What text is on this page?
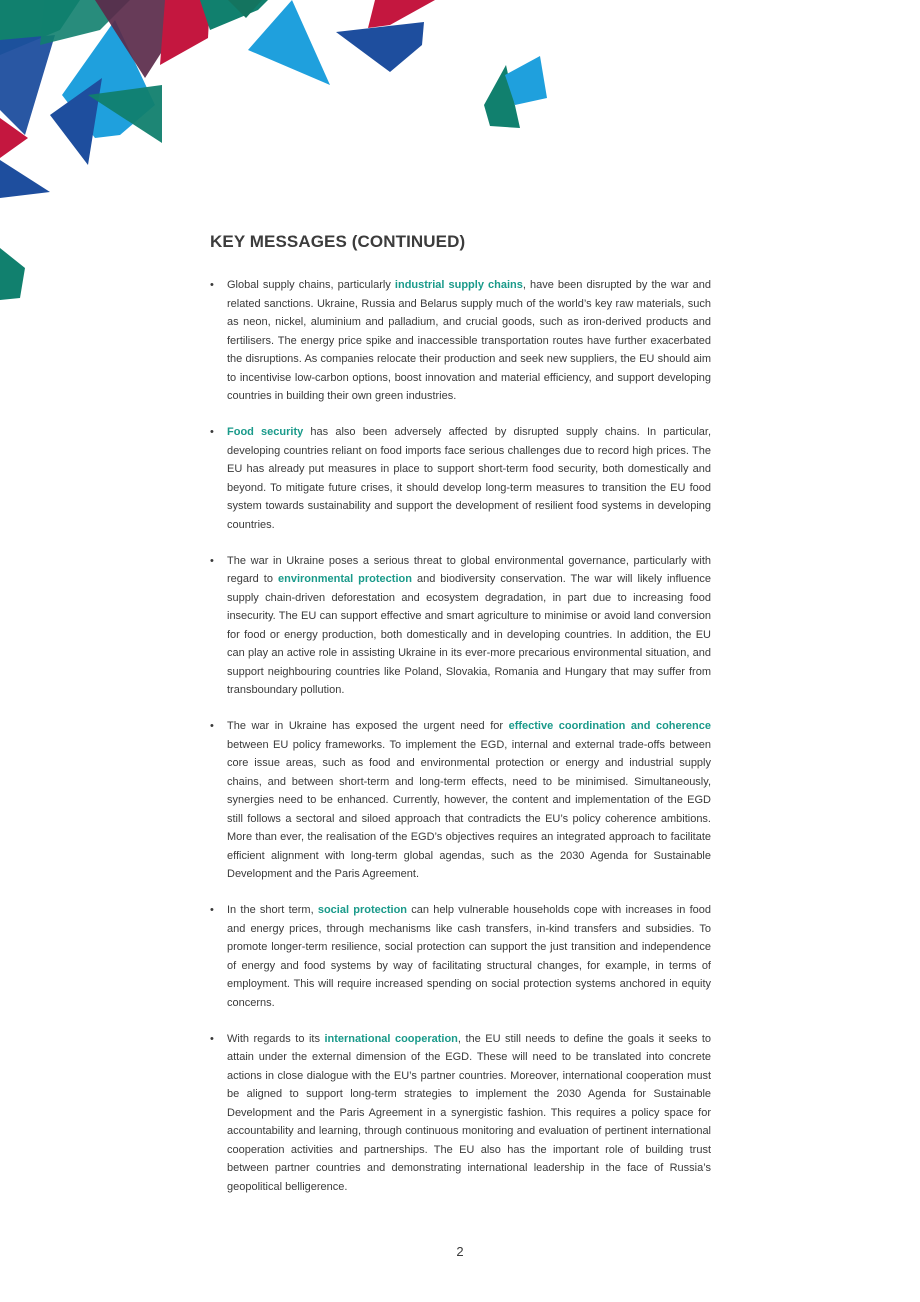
KEY MESSAGES (CONTINUED)
• Global supply chains, particularly industrial supply chains, have been disrupted by the war and related sanctions. Ukraine, Russia and Belarus supply much of the world’s key raw materials, such as neon, nickel, aluminium and palladium, and crucial goods, such as iron-derived products and fertilisers. The energy price spike and inaccessible transportation routes have further exacerbated the disruptions. As companies relocate their production and seek new suppliers, the EU should aim to incentivise low-carbon options, boost innovation and material efficiency, and support developing countries in building their own green industries.
• Food security has also been adversely affected by disrupted supply chains. In particular, developing countries reliant on food imports face serious challenges due to record high prices. The EU has already put measures in place to support short-term food security, both domestically and beyond. To mitigate future crises, it should develop long-term measures to transition the EU food system towards sustainability and support the development of resilient food systems in developing countries.
• The war in Ukraine poses a serious threat to global environmental governance, particularly with regard to environmental protection and biodiversity conservation. The war will likely influence supply chain-driven deforestation and ecosystem degradation, in part due to increasing food insecurity. The EU can support effective and smart agriculture to minimise or avoid land conversion for food or energy production, both domestically and in developing countries. In addition, the EU can play an active role in assisting Ukraine in its ever-more precarious environmental situation, and support neighbouring countries like Poland, Slovakia, Romania and Hungary that may suffer from transboundary pollution.
• The war in Ukraine has exposed the urgent need for effective coordination and coherence between EU policy frameworks. To implement the EGD, internal and external trade-offs between core issue areas, such as food and environmental protection or energy and industrial supply chains, and between short-term and long-term effects, need to be minimised. Simultaneously, synergies need to be enhanced. Currently, however, the content and implementation of the EGD still follows a sectoral and siloed approach that contradicts the EU’s policy coherence ambitions. More than ever, the realisation of the EGD’s objectives requires an integrated approach to facilitate efficient alignment with long-term global agendas, such as the 2030 Agenda for Sustainable Development and the Paris Agreement.
• In the short term, social protection can help vulnerable households cope with increases in food and energy prices, through mechanisms like cash transfers, in-kind transfers and subsidies. To promote longer-term resilience, social protection can support the just transition and independence of energy and food systems by way of facilitating structural changes, for example, in terms of employment. This will require increased spending on social protection systems anchored in equity concerns.
• With regards to its international cooperation, the EU still needs to define the goals it seeks to attain under the external dimension of the EGD. These will need to be translated into concrete actions in close dialogue with the EU’s partner countries. Moreover, international cooperation must be aligned to support long-term strategies to implement the 2030 Agenda for Sustainable Development and the Paris Agreement in a synergistic fashion. This requires a policy space for accountability and learning, through continuous monitoring and evaluation of pertinent international cooperation activities and partnerships. The EU also has the important role of building trust between partner countries and demonstrating international leadership in the face of Russia’s geopolitical belligerence.
2
